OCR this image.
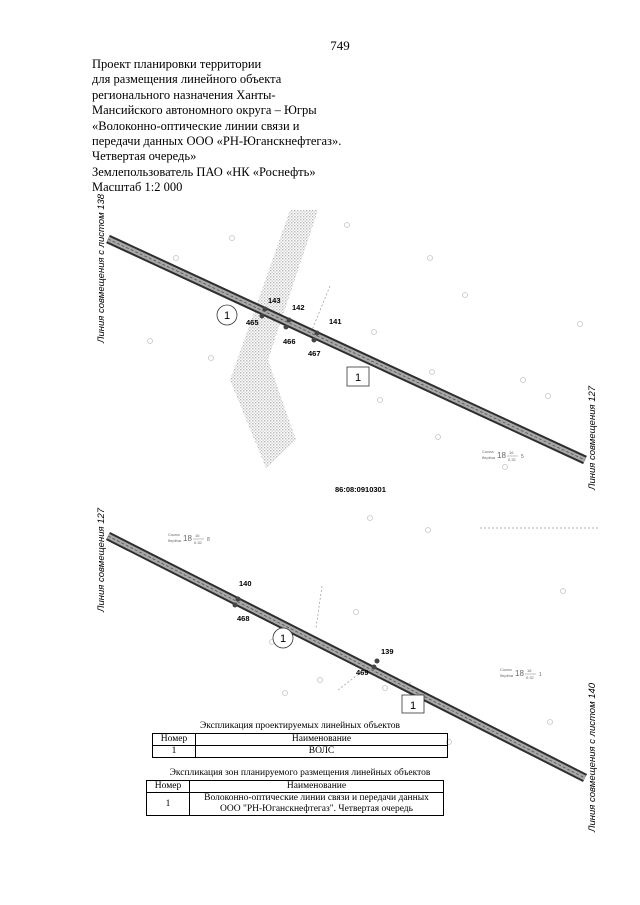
749
Проект планировки территории
для размещения линейного объекта
регионального назначения Ханты-
Мансийского автономного округа – Югры
«Волоконно-оптические линии связи и
передачи данных ООО «РН-Юганскнефтегаз».
Четвертая очередь»
Землепользователь ПАО «НК «Роснефть»
Масштаб 1:2 000
143
142
141
465
466
467
1
1
86:08:0910301
Сосна
берёза 18 16
0.32 5
Линия совмещения с листом 138
Линия совмещения 127
140
468
139
469
1
1
Сосна
берёза 18 16
0.32 8
Сосна
берёза 18 16
0.32 1
Линия совмещения 127
Линия совмещения с листом 140
Экспликация проектируемых линейных объектов
Номер	Наименование
1	ВОЛС
Экспликация зон планируемого размещения линейных объектов
Номер	Наименование
1	Волоконно-оптические линии связи и передачи данных
ООО "РН-Юганскнефтегаз". Четвертая очередь
